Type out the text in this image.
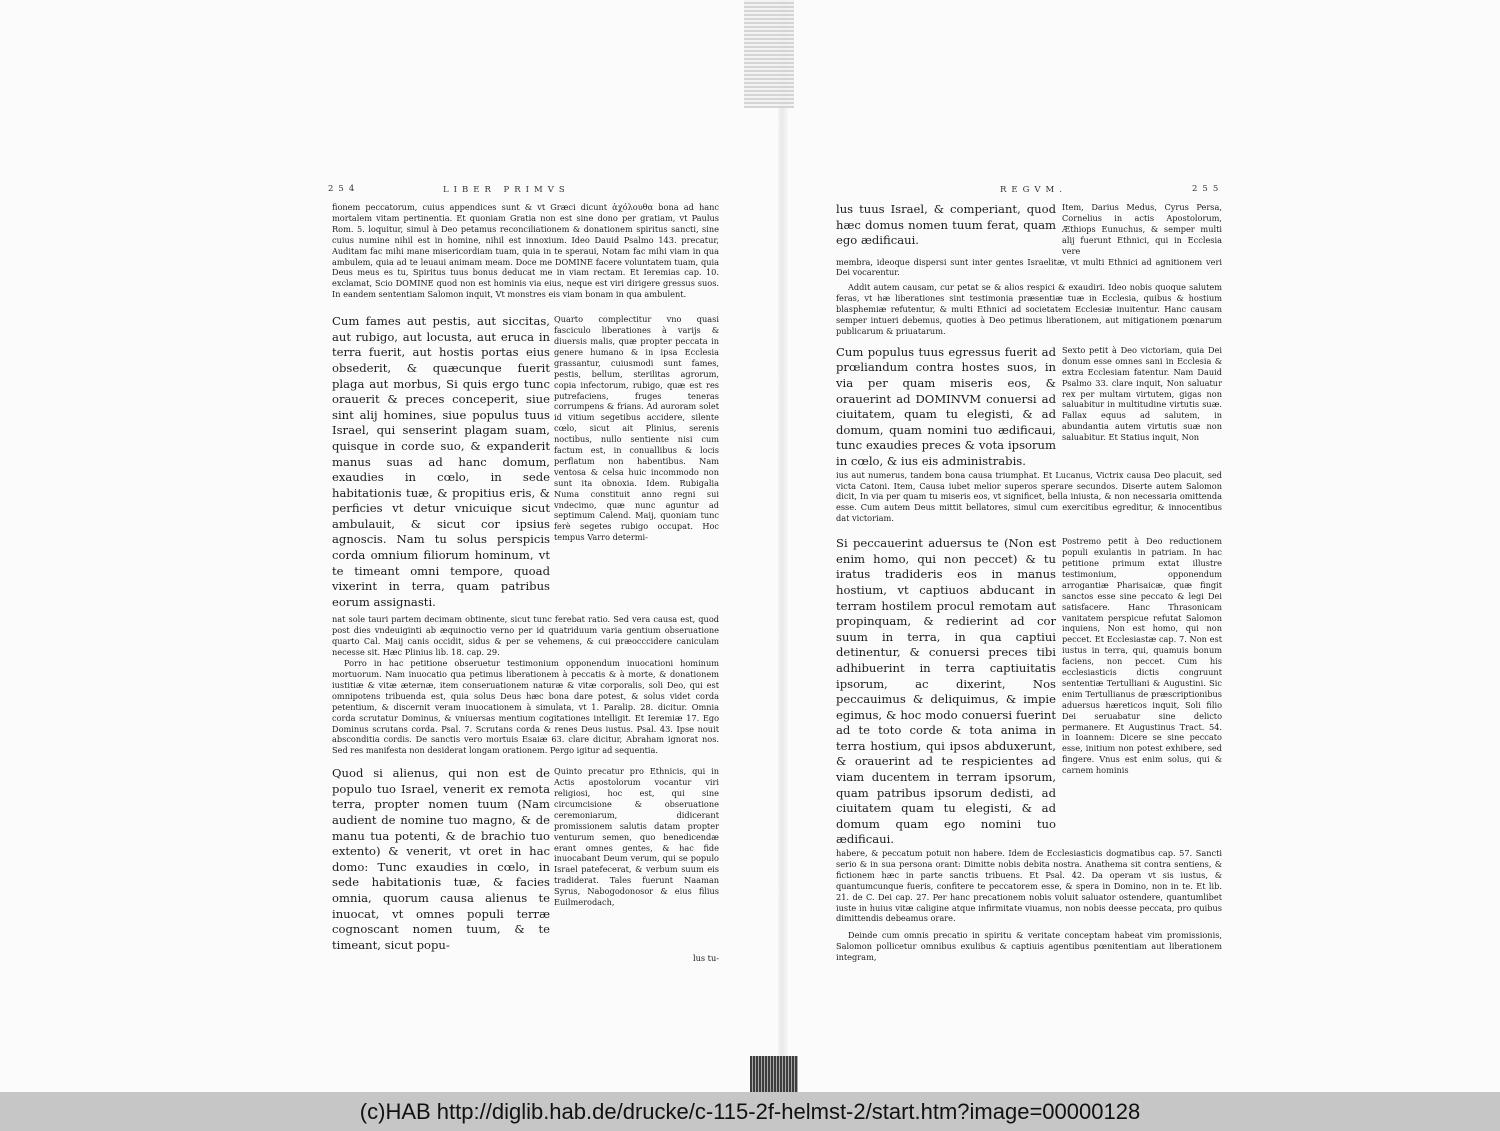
254	LIBER PRIMVS

fionem peccatorum, cuius appendices sunt & vt Græci dicunt ἀχόλουθα bona ad hanc mortalem vitam pertinentia. Et quoniam Gratia non est sine dono per gratiam, vt Paulus Rom. 5. loquitur, simul à Deo petamus reconciliationem & donationem spiritus sancti, sine cuius numine nihil est in homine, nihil est innoxium. Ideo Dauid Psalmo 143. precatur, Auditam fac mihi mane misericordiam tuam, quia in te speraui, Notam fac mihi viam in qua ambulem, quia ad te leuaui animam meam. Doce me DOMINE facere voluntatem tuam, quia Deus meus es tu, Spiritus tuus bonus deducat me in viam rectam. Et Ieremias cap. 10. exclamat, Scio DOMINE quod non est hominis via eius, neque est viri dirigere gressus suos. In eandem sententiam Salomon inquit, Vt monstres eis viam bonam in qua ambulent.

Cum fames aut pestis, aut siccitas, aut rubigo, aut locusta, aut eruca in terra fuerit, aut hostis portas eius obsederit, & quæcunque fuerit plaga aut morbus, Si quis ergo tunc orauerit & preces conceperit, siue sint alij homines, siue populus tuus Israel, qui senserint plagam suam, quisque in corde suo, & expanderit manus suas ad hanc domum, exaudies in cœlo, in sede habitationis tuæ, & propitius eris, & perficies vt detur vnicuique sicut ambulauit, & sicut cor ipsius agnoscis. Nam tu solus perspicis corda omnium filiorum hominum, vt te timeant omni tempore, quoad vixerint in terra, quam patribus eorum assignasti.

Quarto complectitur vno quasi fasciculo liberationes à varijs & diuersis malis, quæ propter peccata in genere humano & in ipsa Ecclesia grassantur, cuiusmodi sunt fames, pestis, bellum, sterilitas agrorum, copia infectorum, rubigo, quæ est res putrefaciens, fruges teneras corrumpens & frians. Ad auroram solet id vitium segetibus accidere, silente cœlo, sicut ait Plinius, serenis noctibus, nullo sentiente nisi cum factum est, in conuallibus & locis perflatum non habentibus. Nam ventosa & celsa huic incommodo non sunt ita obnoxia. Idem. Rubigalia Numa constituit anno regni sui vndecimo, quæ nunc aguntur ad septimum Calend. Maij, quoniam tunc ferè segetes rubigo occupat. Hoc tempus Varro determi-

nat sole tauri partem decimam obtinente, sicut tunc ferebat ratio. Sed vera causa est, quod post dies vndeuiginti ab æquinoctio verno per id quatriduum varia gentium obseruatione quarto Cal. Maij canis occidit, sidus & per se vehemens, & cui præocccidere caniculam necesse sit. Hæc Plinius lib. 18. cap. 29.

Porro in hac petitione obseruetur testimonium opponendum inuocationi hominum mortuorum. Nam inuocatio qua petimus liberationem à peccatis & à morte, & donationem iustitiæ & vitæ æternæ, item conseruationem naturæ & vitæ corporalis, soli Deo, qui est omnipotens tribuenda est, quia solus Deus hæc bona dare potest, & solus videt corda petentium, & discernit veram inuocationem à simulata, vt 1. Paralip. 28. dicitur. Omnia corda scrutatur Dominus, & vniuersas mentium cogitationes intelligit. Et Ieremiæ 17. Ego Dominus scrutans corda. Psal. 7. Scrutans corda & renes Deus iustus. Psal. 43. Ipse nouit absconditia cordis. De sanctis vero mortuis Esaiæ 63. clare dicitur, Abraham ignorat nos. Sed res manifesta non desiderat longam orationem. Pergo igitur ad sequentia.

Quod si alienus, qui non est de populo tuo Israel, venerit ex remota terra, propter nomen tuum (Nam audient de nomine tuo magno, & de manu tua potenti, & de brachio tuo extento) & venerit, vt oret in hac domo: Tunc exaudies in cœlo, in sede habitationis tuæ, & facies omnia, quorum causa alienus te inuocat, vt omnes populi terræ cognoscant nomen tuum, & te timeant, sicut popu-

Quinto precatur pro Ethnicis, qui in Actis apostolorum vocantur viri religiosi, hoc est, qui sine circumcisione & obseruatione ceremoniarum, didicerant promissionem salutis datam propter venturum semen, quo benedicendæ erant omnes gentes, & hac fide inuocabant Deum verum, qui se populo Israel patefecerat, & verbum suum eis tradiderat. Tales fuerunt Naaman Syrus, Nabogodonosor & eius filius Euilmerodach,

lus tu-
REGVM.	255

lus tuus Israel, & comperiant, quod hæc domus nomen tuum ferat, quam ego ædificaui.

Item, Darius Medus, Cyrus Persa, Cornelius in actis Apostolorum, Æthiops Eunuchus, & semper multi alij fuerunt Ethnici, qui in Ecclesia vere

membra, ideoque dispersi sunt inter gentes Israelitæ, vt multi Ethnici ad agnitionem veri Dei vocarentur.

Addit autem causam, cur petat se & alios respici & exaudiri. Ideo nobis quoque salutem feras, vt hæ liberationes sint testimonia præsentiæ tuæ in Ecclesia, quibus & hostium blasphemiæ refutentur, & multi Ethnici ad societatem Ecclesiæ inuitentur. Hanc causam semper intueri debemus, quoties à Deo petimus liberationem, aut mitigationem pœnarum publicarum & priuatarum.

Cum populus tuus egressus fuerit ad prœliandum contra hostes suos, in via per quam miseris eos, & orauerint ad DOMINVM conuersi ad ciuitatem, quam tu elegisti, & ad domum, quam nomini tuo ædificaui, tunc exaudies preces & vota ipsorum in cœlo, & ius eis administrabis.

Sexto petit à Deo victoriam, quia Dei donum esse omnes sani in Ecclesia & extra Ecclesiam fatentur. Nam Dauid Psalmo 33. clare inquit, Non saluatur rex per multam virtutem, gigas non saluabitur in multitudine virtutis suæ. Fallax equus ad salutem, in abundantia autem virtutis suæ non saluabitur. Et Statius inquit, Non

ius aut numerus, tandem bona causa triumphat. Et Lucanus, Victrix causa Deo placuit, sed victa Catoni. Item, Causa iubet melior superos sperare secundos. Diserte autem Salomon dicit, In via per quam tu miseris eos, vt significet, bella iniusta, & non necessaria omittenda esse. Cum autem Deus mittit bellatores, simul cum exercitibus egreditur, & innocentibus dat victoriam.

Si peccauerint aduersus te (Non est enim homo, qui non peccet) & tu iratus tradideris eos in manus hostium, vt captiuos abducant in terram hostilem procul remotam aut propinquam, & redierint ad cor suum in terra, in qua captiui detinentur, & conuersi preces tibi adhibuerint in terra captiuitatis ipsorum, ac dixerint, Nos peccauimus & deliquimus, & impie egimus, & hoc modo conuersi fuerint ad te toto corde & tota anima in terra hostium, qui ipsos abduxerunt, & orauerint ad te respicientes ad viam ducentem in terram ipsorum, quam patribus ipsorum dedisti, ad ciuitatem quam tu elegisti, & ad domum quam ego nomini tuo ædificaui.

Postremo petit à Deo reductionem populi exulantis in patriam. In hac petitione primum extat illustre testimonium, opponendum arrogantiæ Pharisaicæ, quæ fingit sanctos esse sine peccato & legi Dei satisfacere. Hanc Thrasonicam vanitatem perspicue refutat Salomon inquiens, Non est homo, qui non peccet. Et Ecclesiastæ cap. 7. Non est iustus in terra, qui, quamuis bonum faciens, non peccet. Cum his ecclesiasticis dictis congruunt sententiæ Tertulliani & Augustini. Sic enim Tertullianus de præscriptionibus aduersus hæreticos inquit, Soli filio Dei seruabatur sine delicto permanere. Et Augustinus Tract. 54. in Ioannem: Dicere se sine peccato esse, initium non potest exhibere, sed fingere. Vnus est enim solus, qui & carnem hominis

habere, & peccatum potuit non habere. Idem de Ecclesiasticis dogmatibus cap. 57. Sancti serio & in sua persona orant: Dimitte nobis debita nostra. Anathema sit contra sentiens, & fictionem hæc in parte sanctis tribuens. Et Psal. 42. Da operam vt sis iustus, & quantumcunque fueris, confitere te peccatorem esse, & spera in Domino, non in te. Et lib. 21. de C. Dei cap. 27. Per hanc precationem nobis voluit saluator ostendere, quantumlibet iuste in huius vitæ caligine atque infirmitate viuamus, non nobis deesse peccata, pro quibus dimittendis debeamus orare.

Deinde cum omnis precatio in spiritu & veritate conceptam habeat vim promissionis, Salomon pollicetur omnibus exulibus & captiuis agentibus pœnitentiam aut liberationem integram,

(c)HAB http://diglib.hab.de/drucke/c-115-2f-helmst-2/start.htm?image=00000128
